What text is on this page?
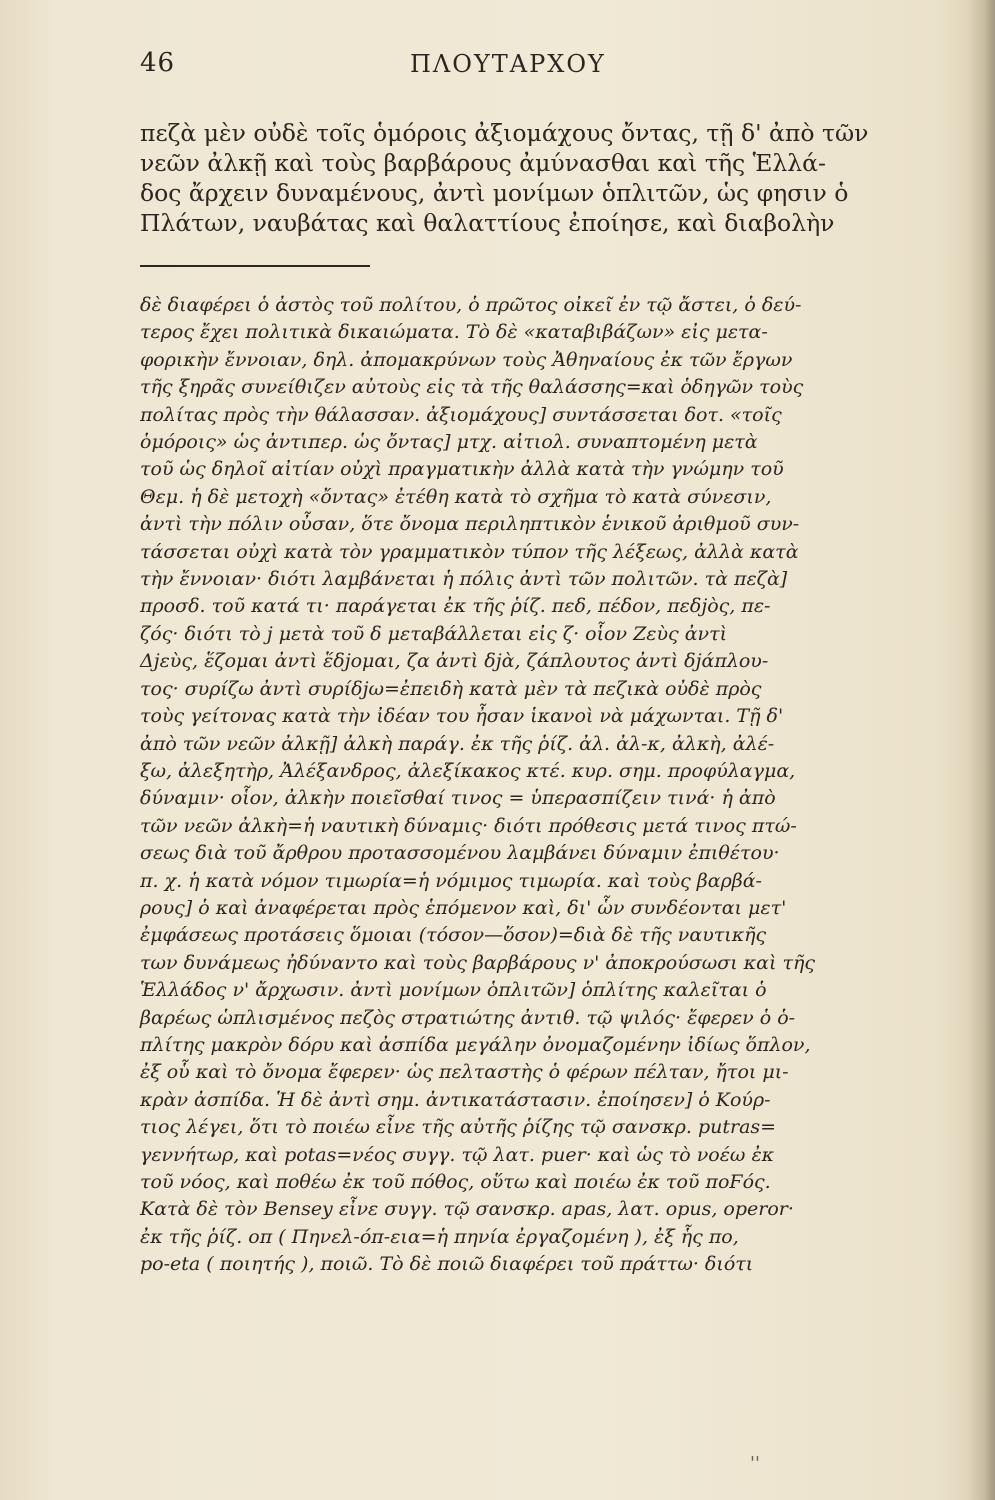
46	ΠΛΟΥΤΑΡΧΟΥ
πεζὰ μὲν οὐδὲ τοῖς ὁμόροις ἀξιομάχους ὄντας, τῇ δ' ἀπὸ τῶν
νεῶν ἀλκῇ καὶ τοὺς βαρβάρους ἀμύνασθαι καὶ τῆς Ἑλλά-
δος ἄρχειν δυναμένους, ἀντὶ μονίμων ὁπλιτῶν, ὡς φησιν ὁ
Πλάτων, ναυβάτας καὶ θαλαττίους ἐποίησε, καὶ διαβολὴν
δὲ διαφέρει ὁ ἀστὸς τοῦ πολίτου, ὁ πρῶτος οἰκεῖ ἐν τῷ ἄστει, ὁ δεύ-
τερος ἔχει πολιτικὰ δικαιώματα. Τὸ δὲ «καταβιβάζων» εἰς μετα-
φορικὴν ἔννοιαν, δηλ. ἀπομακρύνων τοὺς Ἀθηναίους ἐκ τῶν ἔργων
τῆς ξηρᾶς συνείθιζεν αὐτοὺς εἰς τὰ τῆς θαλάσσης=καὶ ὁδηγῶν τοὺς
πολίτας πρὸς τὴν θάλασσαν. ἀξιομάχους] συντάσσεται δοτ. «τοῖς
ὁμόροις» ὡς ἀντιπερ. ὡς ὄντας] μτχ. αἰτιολ. συναπτομένη μετὰ
τοῦ ὡς δηλοῖ αἰτίαν οὐχὶ πραγματικὴν ἀλλὰ κατὰ τὴν γνώμην τοῦ
Θεμ. ἡ δὲ μετοχὴ «ὄντας» ἐτέθη κατὰ τὸ σχῆμα τὸ κατὰ σύνεσιν,
ἀντὶ τὴν πόλιν οὖσαν, ὅτε ὄνομα περιληπτικὸν ἑνικοῦ ἀριθμοῦ συν-
τάσσεται οὐχὶ κατὰ τὸν γραμματικὸν τύπον τῆς λέξεως, ἀλλὰ κατὰ
τὴν ἔννοιαν· διότι λαμβάνεται ἡ πόλις ἀντὶ τῶν πολιτῶν. τὰ πεζὰ]
προσδ. τοῦ κατά τι· παράγεται ἐκ τῆς ῥίζ. πεδ, πέδον, πεδjὸς, πε-
ζός· διότι τὸ j μετὰ τοῦ δ μεταβάλλεται εἰς ζ· οἷον Ζεὺς ἀντὶ
Δjεὺς, ἕζομαι ἀντὶ ἕδjομαι, ζα ἀντὶ δjὰ, ζάπλουτος ἀντὶ δjάπλου-
τος· συρίζω ἀντὶ συρίδjω=ἐπειδὴ κατὰ μὲν τὰ πεζικὰ οὐδὲ πρὸς
τοὺς γείτονας κατὰ τὴν ἰδέαν του ἦσαν ἱκανοὶ νὰ μάχωνται. Τῇ δ'
ἀπὸ τῶν νεῶν ἀλκῇ] ἀλκὴ παράγ. ἐκ τῆς ῥίζ. ἀλ. ἀλ-κ, ἀλκὴ, ἀλέ-
ξω, ἀλεξητὴρ, Ἀλέξανδρος, ἀλεξίκακος κτέ. κυρ. σημ. προφύλαγμα,
δύναμιν· οἷον, ἀλκὴν ποιεῖσθαί τινος = ὑπερασπίζειν τινά· ἡ ἀπὸ
τῶν νεῶν ἀλκὴ=ἡ ναυτικὴ δύναμις· διότι πρόθεσις μετά τινος πτώ-
σεως διὰ τοῦ ἄρθρου προτασσομένου λαμβάνει δύναμιν ἐπιθέτου·
π. χ. ἡ κατὰ νόμον τιμωρία=ἡ νόμιμος τιμωρία. καὶ τοὺς βαρβά-
ρους] ὁ καὶ ἀναφέρεται πρὸς ἑπόμενον καὶ, δι' ὧν συνδέονται μετ'
ἐμφάσεως προτάσεις ὅμοιαι (τόσον—ὅσον)=διὰ δὲ τῆς ναυτικῆς
των δυνάμεως ἠδύναντο καὶ τοὺς βαρβάρους ν' ἀποκρούσωσι καὶ τῆς
Ἑλλάδος ν' ἄρχωσιν. ἀντὶ μονίμων ὁπλιτῶν] ὁπλίτης καλεῖται ὁ
βαρέως ὡπλισμένος πεζὸς στρατιώτης ἀντιθ. τῷ ψιλός· ἔφερεν ὁ ὁ-
πλίτης μακρὸν δόρυ καὶ ἀσπίδα μεγάλην ὀνομαζομένην ἰδίως ὅπλον,
ἐξ οὗ καὶ τὸ ὄνομα ἔφερεν· ὡς πελταστὴς ὁ φέρων πέλταν, ἤτοι μι-
κρὰν ἀσπίδα. Ἡ δὲ ἀντὶ σημ. ἀντικατάστασιν. ἐποίησεν] ὁ Κούρ-
τιος λέγει, ὅτι τὸ ποιέω εἶνε τῆς αὐτῆς ῥίζης τῷ σανσκρ. putras=
γεννήτωρ, καὶ potas=νέος συγγ. τῷ λατ. puer· καὶ ὡς τὸ νοέω ἐκ
τοῦ νόος, καὶ ποθέω ἐκ τοῦ πόθος, οὕτω καὶ ποιέω ἐκ τοῦ ποϜός.
Κατὰ δὲ τὸν Bensey εἶνε συγγ. τῷ σανσκρ. apas, λατ. opus, operor·
ἐκ τῆς ῥίζ. οπ ( Πηνελ-όπ-εια=ἡ πηνία ἐργαζομένη ), ἐξ ἧς πο,
po-eta ( ποιητής ), ποιῶ. Τὸ δὲ ποιῶ διαφέρει τοῦ πράττω· διότι
''
